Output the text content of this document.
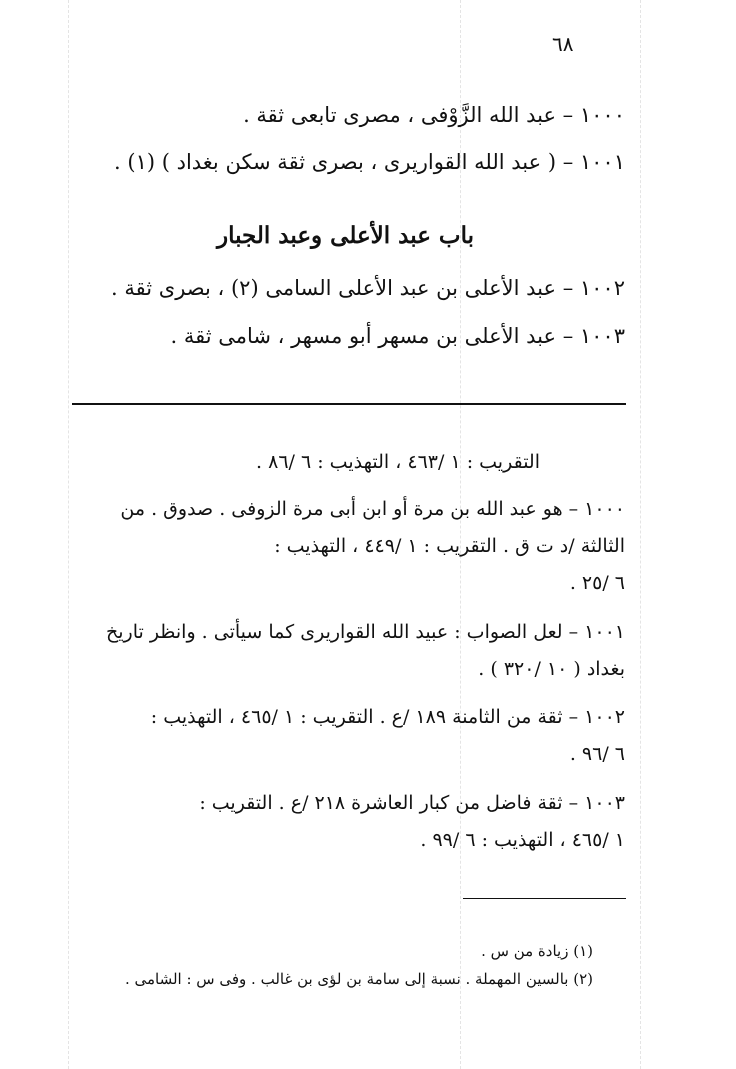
٦٨
١٠٠٠ – عبد الله الزَّوْفى ، مصرى تابعى ثقة .
١٠٠١ – ( عبد الله القواريرى ، بصرى ثقة سكن بغداد ) (١) .
باب عبد الأعلى وعبد الجبار
١٠٠٢ – عبد الأعلى بن عبد الأعلى السامى (٢) ، بصرى ثقة .
١٠٠٣ – عبد الأعلى بن مسهر أبو مسهر ، شامى ثقة .
التقريب : ١ /٤٦٣ ، التهذيب : ٦ /٨٦ .
١٠٠٠ – هو عبد الله بن مرة أو ابن أبى مرة الزوفى . صدوق . من
الثالثة /د ت ق . التقريب : ١ /٤٤٩ ، التهذيب :
٦ /٢٥ .
١٠٠١ – لعل الصواب : عبيد الله القواريرى كما سيأتى . وانظر تاريخ
بغداد ( ١٠ /٣٢٠ ) .
١٠٠٢ – ثقة من الثامنة ١٨٩ /ع . التقريب : ١ /٤٦٥ ، التهذيب :
٦ /٩٦ .
١٠٠٣ – ثقة فاضل من كبار العاشرة ٢١٨ /ع . التقريب :
١ /٤٦٥ ، التهذيب : ٦ /٩٩ .
(١) زيادة من س .
(٢) بالسين المهملة . نسبة إلى سامة بن لؤى بن غالب . وفى س : الشامى .
